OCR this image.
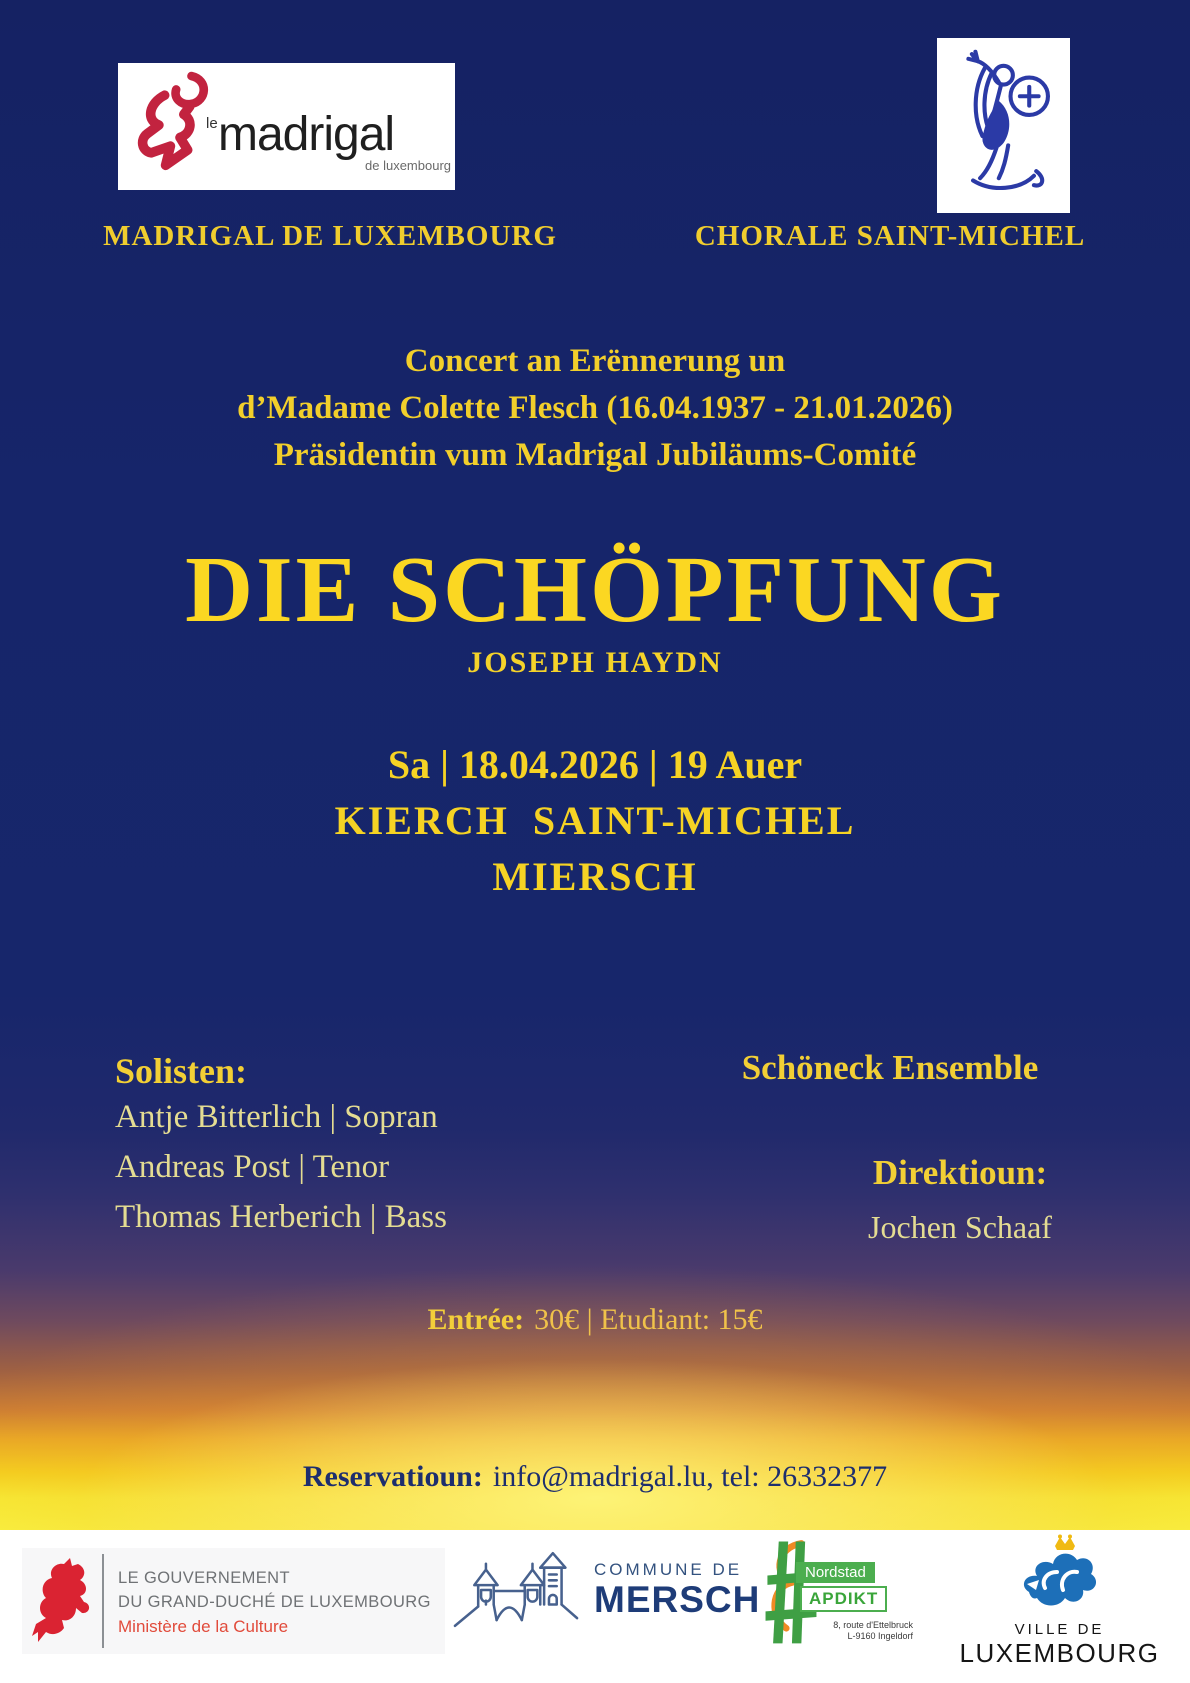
le madrigal
de luxembourg
MADRIGAL DE LUXEMBOURG	CHORALE SAINT-MICHEL
Concert an Erënnerung un
d’Madame Colette Flesch (16.04.1937 - 21.01.2026)
Präsidentin vum Madrigal Jubiläums-Comité
DIE SCHÖPFUNG
JOSEPH HAYDN
Sa | 18.04.2026 | 19 Auer
KIERCH  SAINT-MICHEL
MIERSCH
Solisten:
Antje Bitterlich | Sopran
Andreas Post | Tenor
Thomas Herberich | Bass
Schöneck Ensemble
Direktioun:
Jochen Schaaf
Entrée: 30€ | Etudiant: 15€
Reservatioun: info@madrigal.lu, tel: 26332377
LE GOUVERNEMENT
DU GRAND-DUCHÉ DE LUXEMBOURG
Ministère de la Culture
COMMUNE DE
MERSCH
Nordstad
APDIKT
8, route d'Ettelbruck
L-9160 Ingeldorf	VILLE DE
LUXEMBOURG
